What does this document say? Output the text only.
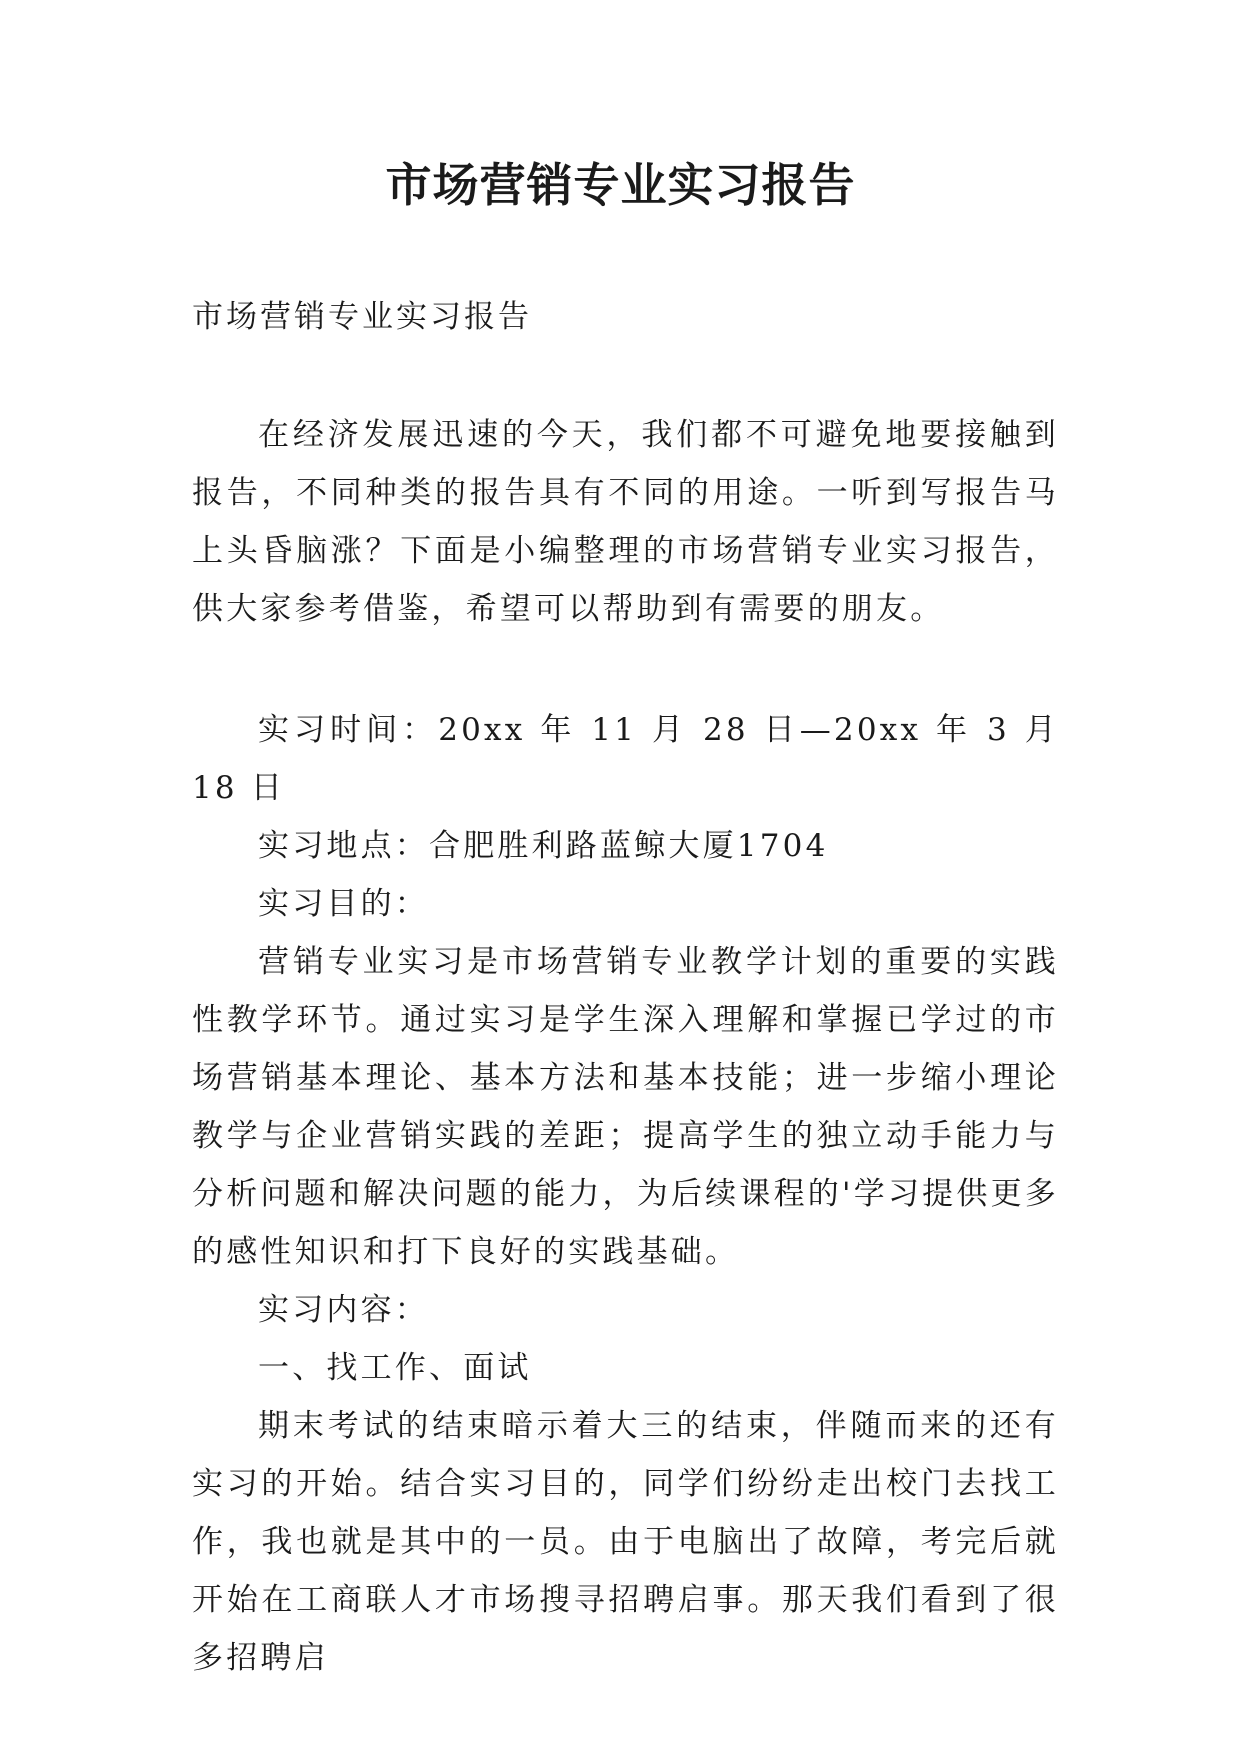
市场营销专业实习报告
市场营销专业实习报告

在经济发展迅速的今天，我们都不可避免地要接触到报告，不同种类的报告具有不同的用途。一听到写报告马上头昏脑涨？下面是小编整理的市场营销专业实习报告，供大家参考借鉴，希望可以帮助到有需要的朋友。

实习时间：20xx 年 11 月 28 日—20xx 年 3 月 18 日

实习地点：合肥胜利路蓝鲸大厦1704

实习目的：

营销专业实习是市场营销专业教学计划的重要的实践性教学环节。通过实习是学生深入理解和掌握已学过的市场营销基本理论、基本方法和基本技能；进一步缩小理论教学与企业营销实践的差距；提高学生的独立动手能力与分析问题和解决问题的能力，为后续课程的'学习提供更多的感性知识和打下良好的实践基础。

实习内容：

一、找工作、面试

期末考试的结束暗示着大三的结束，伴随而来的还有实习的开始。结合实习目的，同学们纷纷走出校门去找工作，我也就是其中的一员。由于电脑出了故障，考完后就开始在工商联人才市场搜寻招聘启事。那天我们看到了很多招聘启
